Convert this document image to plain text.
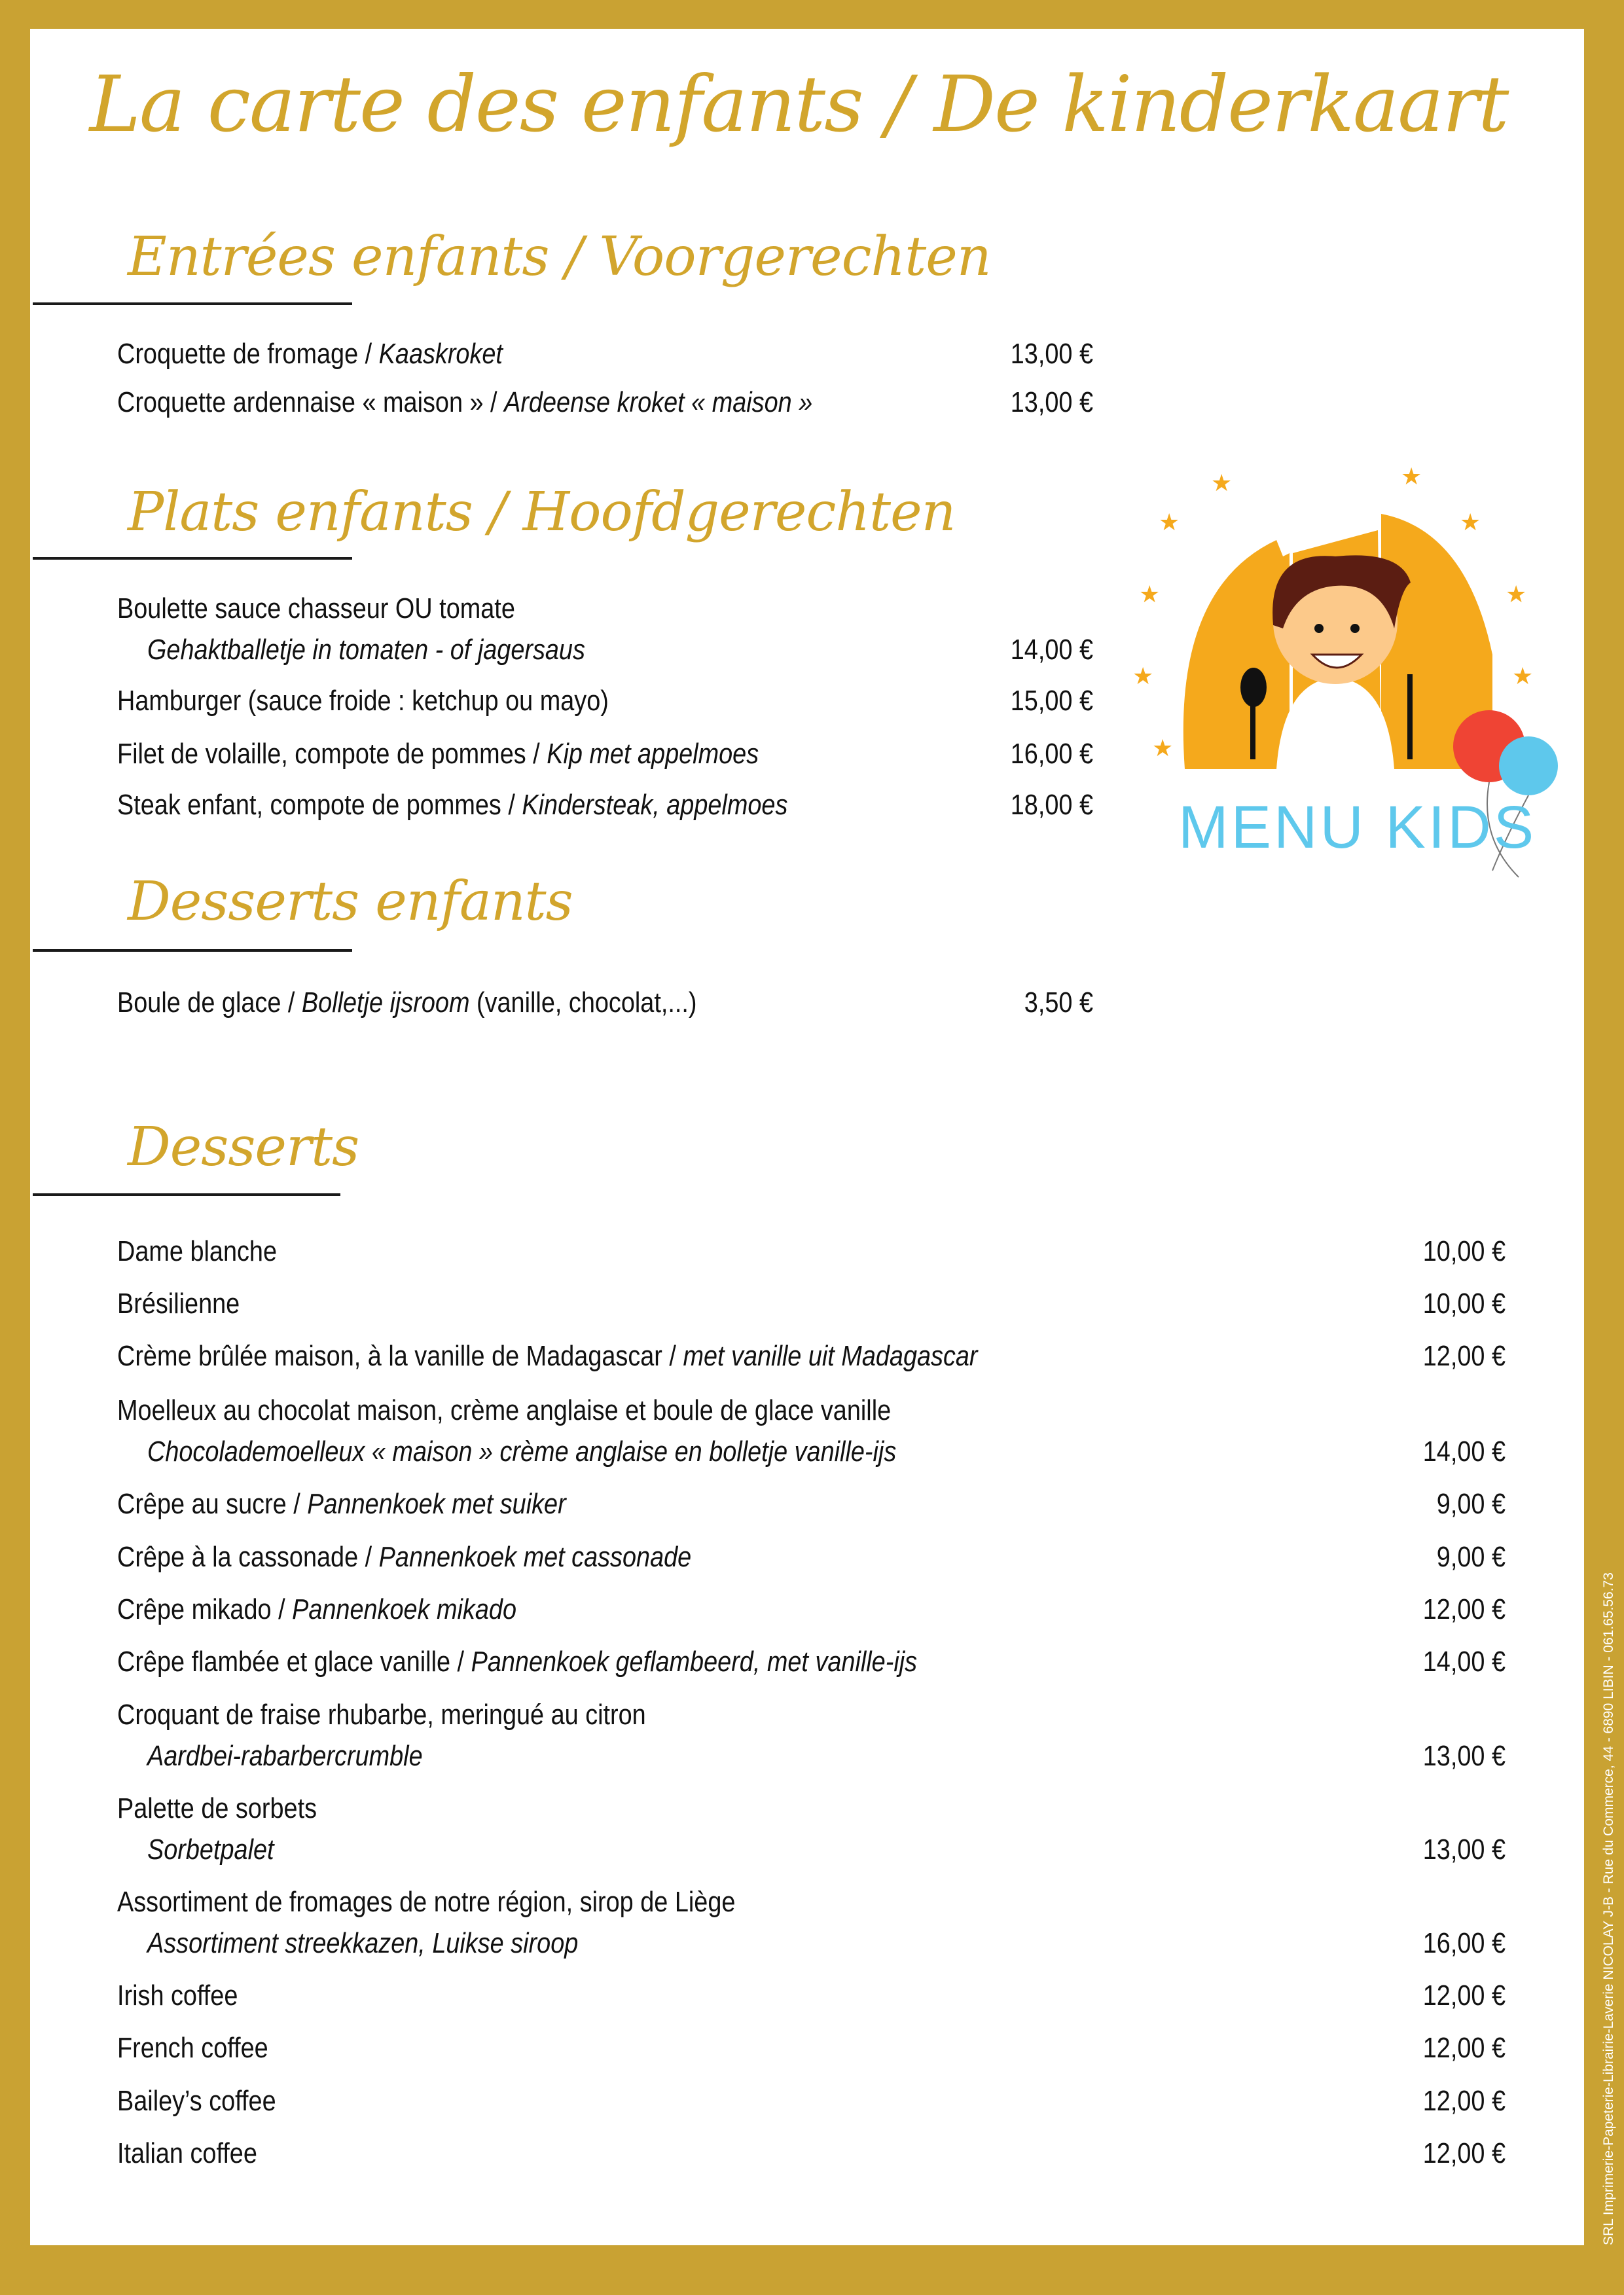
La carte des enfants / De kinderkaart
Entrées enfants / Voorgerechten
Croquette de fromage / Kaaskroket	13,00 €
Croquette ardennaise « maison » / Ardeense kroket « maison »	13,00 €
Plats enfants / Hoofdgerechten
Boulette sauce chasseur OU tomate
Gehaktballetje in tomaten - of jagersaus	14,00 €
Hamburger (sauce froide : ketchup ou mayo)	15,00 €
Filet de volaille, compote de pommes / Kip met appelmoes	16,00 €
Steak enfant, compote de pommes / Kindersteak, appelmoes	18,00 €
Desserts enfants
Boule de glace / Bolletje ijsroom (vanille, chocolat,...)	3,50 €
Desserts
Dame blanche	10,00 €
Brésilienne	10,00 €
Crème brûlée maison, à la vanille de Madagascar / met vanille uit Madagascar	12,00 €
Moelleux au chocolat maison, crème anglaise et boule de glace vanille
Chocolademoelleux « maison » crème anglaise en bolletje vanille-ijs	14,00 €
Crêpe au sucre / Pannenkoek met suiker	9,00 €
Crêpe à la cassonade / Pannenkoek met cassonade	9,00 €
Crêpe mikado / Pannenkoek mikado	12,00 €
Crêpe flambée et glace vanille / Pannenkoek geflambeerd, met vanille-ijs	14,00 €
Croquant de fraise rhubarbe, meringué au citron
Aardbei-rabarbercrumble	13,00 €
Palette de sorbets
Sorbetpalet	13,00 €
Assortiment de fromages de notre région, sirop de Liège
Assortiment streekkazen, Luikse siroop	16,00 €
Irish coffee	12,00 €
French coffee	12,00 €
Bailey’s coffee	12,00 €
Italian coffee	12,00 €
★	★
★	★
★	★
★	★
★
MENU KIDS
SRL Imprimerie-Papeterie-Librairie-Laverie NICOLAY J-B - Rue du Commerce, 44 - 6890 LIBIN - 061.65.56.73
